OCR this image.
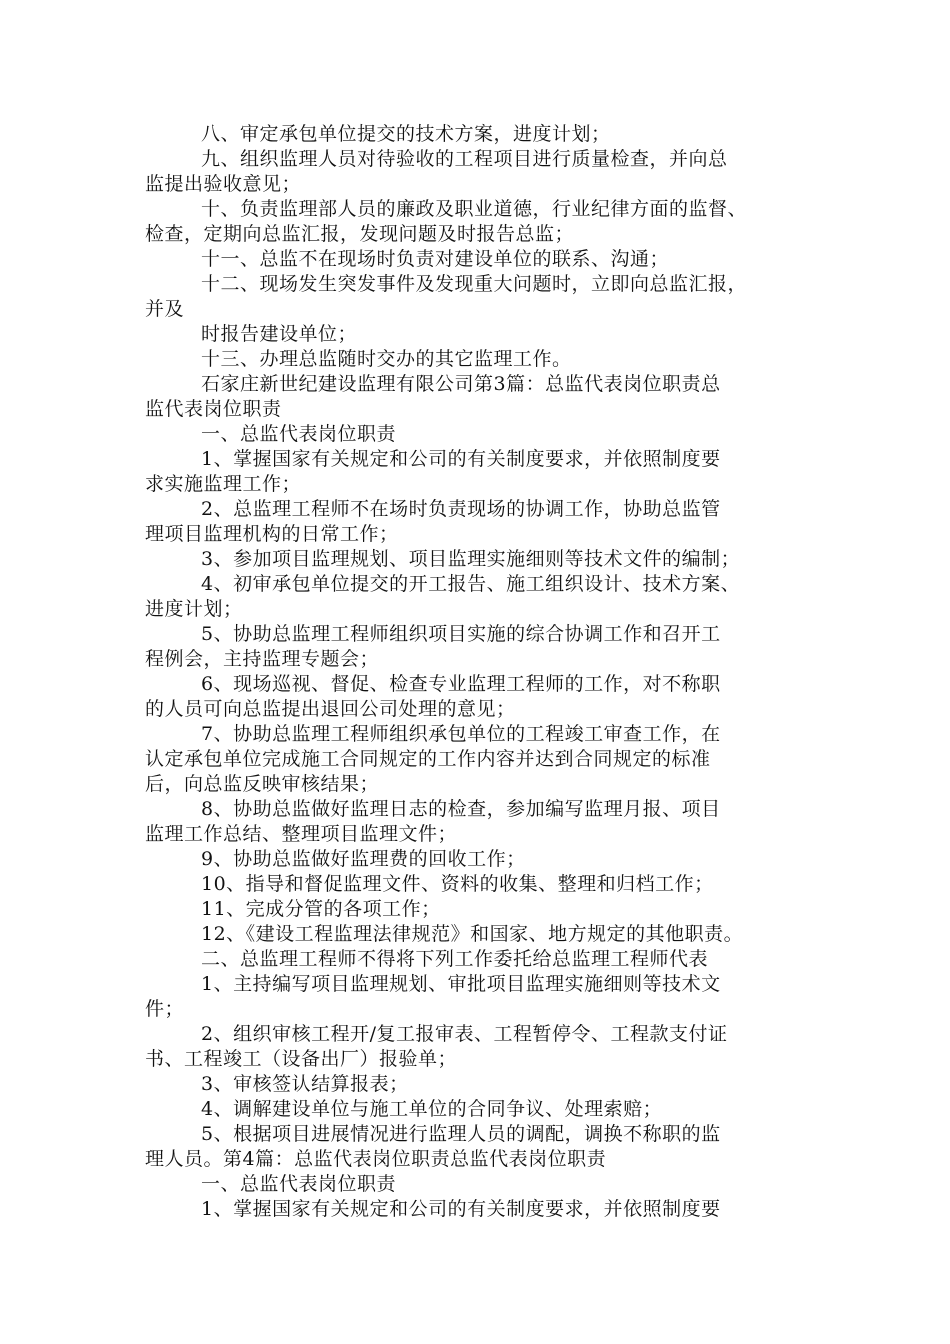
八、审定承包单位提交的技术方案，进度计划；
九、组织监理人员对待验收的工程项目进行质量检查，并向总
监提出验收意见；
十、负责监理部人员的廉政及职业道德，行业纪律方面的监督、
检查，定期向总监汇报，发现问题及时报告总监；
十一、总监不在现场时负责对建设单位的联系、沟通；
十二、现场发生突发事件及发现重大问题时，立即向总监汇报，
并及
时报告建设单位；
十三、办理总监随时交办的其它监理工作。
石家庄新世纪建设监理有限公司第3篇：总监代表岗位职责总
监代表岗位职责
一、总监代表岗位职责
1、掌握国家有关规定和公司的有关制度要求，并依照制度要
求实施监理工作；
2、总监理工程师不在场时负责现场的协调工作，协助总监管
理项目监理机构的日常工作；
3、参加项目监理规划、项目监理实施细则等技术文件的编制；
4、初审承包单位提交的开工报告、施工组织设计、技术方案、
进度计划；
5、协助总监理工程师组织项目实施的综合协调工作和召开工
程例会，主持监理专题会；
6、现场巡视、督促、检查专业监理工程师的工作，对不称职
的人员可向总监提出退回公司处理的意见；
7、协助总监理工程师组织承包单位的工程竣工审查工作，在
认定承包单位完成施工合同规定的工作内容并达到合同规定的标准
后，向总监反映审核结果；
8、协助总监做好监理日志的检查，参加编写监理月报、项目
监理工作总结、整理项目监理文件；
9、协助总监做好监理费的回收工作；
10、指导和督促监理文件、资料的收集、整理和归档工作；
11、完成分管的各项工作；
12、《建设工程监理法律规范》和国家、地方规定的其他职责。
二、总监理工程师不得将下列工作委托给总监理工程师代表
1、主持编写项目监理规划、审批项目监理实施细则等技术文
件；
2、组织审核工程开/复工报审表、工程暂停令、工程款支付证
书、工程竣工（设备出厂）报验单；
3、审核签认结算报表；
4、调解建设单位与施工单位的合同争议、处理索赔；
5、根据项目进展情况进行监理人员的调配，调换不称职的监
理人员。第4篇：总监代表岗位职责总监代表岗位职责
一、总监代表岗位职责
1、掌握国家有关规定和公司的有关制度要求，并依照制度要
